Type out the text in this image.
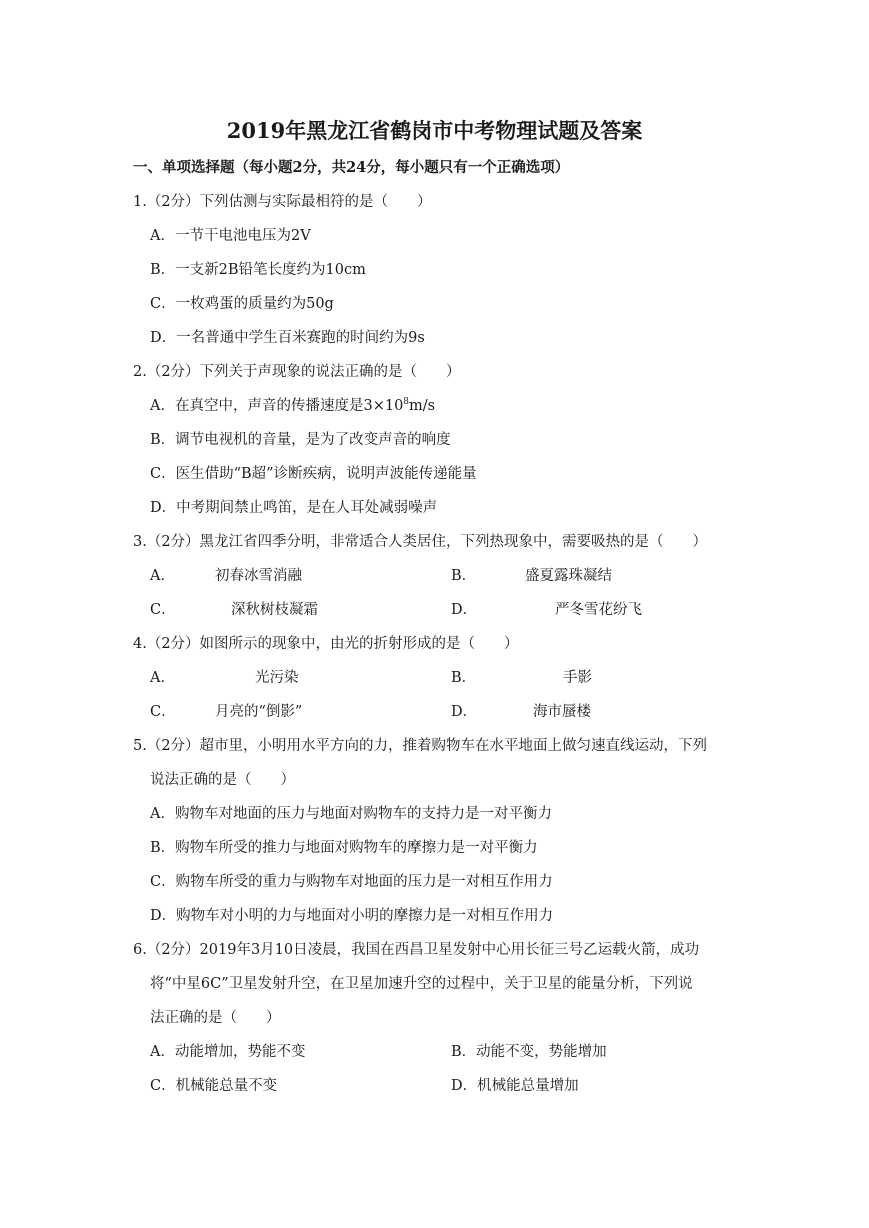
2019年黑龙江省鹤岗市中考物理试题及答案
一、单项选择题（每小题2分，共24分，每小题只有一个正确选项）
1.（2分）下列估测与实际最相符的是（　　）
A．一节干电池电压为2V
B．一支新2B铅笔长度约为10cm
C．一枚鸡蛋的质量约为50g
D．一名普通中学生百米赛跑的时间约为9s
2.（2分）下列关于声现象的说法正确的是（　　）
A．在真空中，声音的传播速度是$3\times 10^8m/s$
B．调节电视机的音量，是为了改变声音的响度
C．医生借助“B超”诊断疾病，说明声波能传递能量
D．中考期间禁止鸣笛，是在人耳处减弱噪声
3.（2分）黑龙江省四季分明，非常适合人类居住，下列热现象中，需要吸热的是（　　）
A．	初春冰雪消融	B．	盛夏露珠凝结
C．	深秋树枝凝霜	D．	严冬雪花纷飞
4.（2分）如图所示的现象中，由光的折射形成的是（　　）
A．	光污染	B．	手影
C．	月亮的“倒影”	D．	海市蜃楼
5.（2分）超市里，小明用水平方向的力，推着购物车在水平地面上做匀速直线运动，下列
说法正确的是（　　）
A．购物车对地面的压力与地面对购物车的支持力是一对平衡力
B．购物车所受的推力与地面对购物车的摩擦力是一对平衡力
C．购物车所受的重力与购物车对地面的压力是一对相互作用力
D．购物车对小明的力与地面对小明的摩擦力是一对相互作用力
6.（2分）2019年3月10日凌晨，我国在西昌卫星发射中心用长征三号乙运载火箭，成功
将“中星6C”卫星发射升空，在卫星加速升空的过程中，关于卫星的能量分析，下列说
法正确的是（　　）
A．动能增加，势能不变	B．动能不变，势能增加
C．机械能总量不变	D．机械能总量增加
